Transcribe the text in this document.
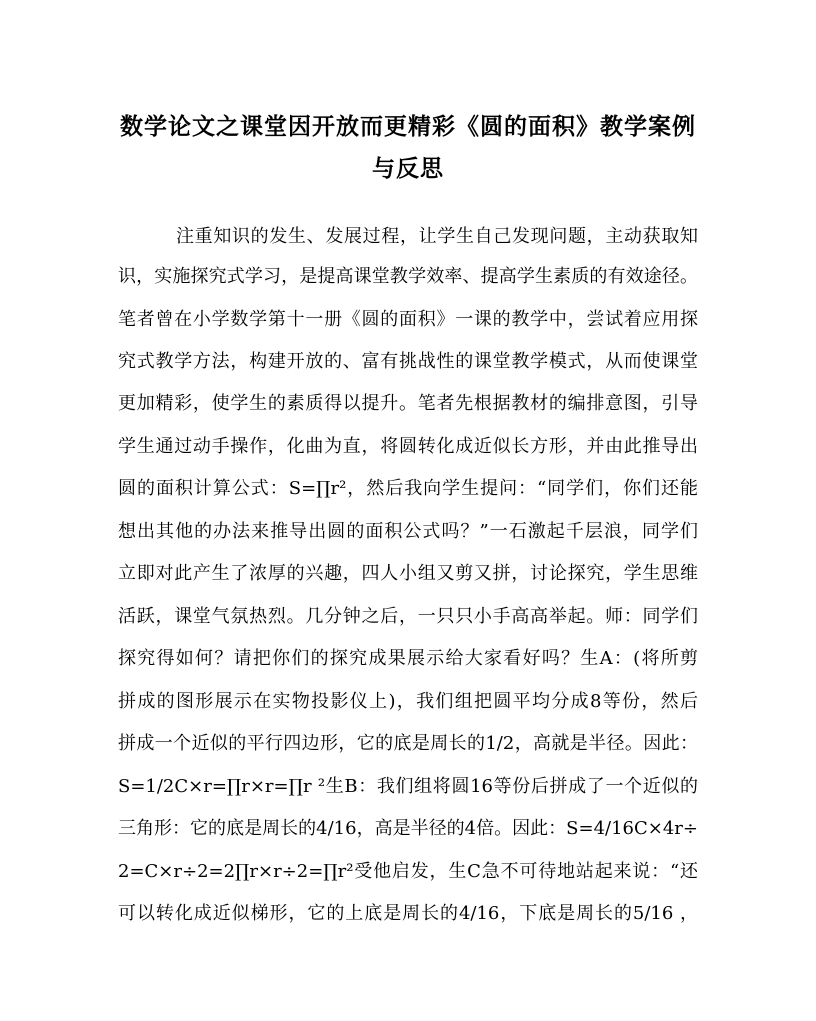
数学论文之课堂因开放而更精彩《圆的面积》教学案例
与反思
注重知识的发生、发展过程，让学生自己发现问题，主动获取知
识，实施探究式学习，是提高课堂教学效率、提高学生素质的有效途径。
笔者曾在小学数学第十一册《圆的面积》一课的教学中，尝试着应用探
究式教学方法，构建开放的、富有挑战性的课堂教学模式，从而使课堂
更加精彩，使学生的素质得以提升。笔者先根据教材的编排意图，引导
学生通过动手操作，化曲为直，将圆转化成近似长方形，并由此推导出
圆的面积计算公式：S=∏r²，然后我向学生提问：“同学们，你们还能
想出其他的办法来推导出圆的面积公式吗？”一石激起千层浪，同学们
立即对此产生了浓厚的兴趣，四人小组又剪又拼，讨论探究，学生思维
活跃，课堂气氛热烈。几分钟之后，一只只小手高高举起。师：同学们
探究得如何？请把你们的探究成果展示给大家看好吗？生A：(将所剪
拼成的图形展示在实物投影仪上)，我们组把圆平均分成8等份，然后
拼成一个近似的平行四边形，它的底是周长的1/2，高就是半径。因此：
S=1/2C×r=∏r×r=∏r ²生B：我们组将圆16等份后拼成了一个近似的
三角形：它的底是周长的4/16，高是半径的4倍。因此：S=4/16C×4r÷
2=C×r÷2=2∏r×r÷2=∏r²受他启发，生C急不可待地站起来说：“还
可以转化成近似梯形，它的上底是周长的4/16，下底是周长的5/16 ，
